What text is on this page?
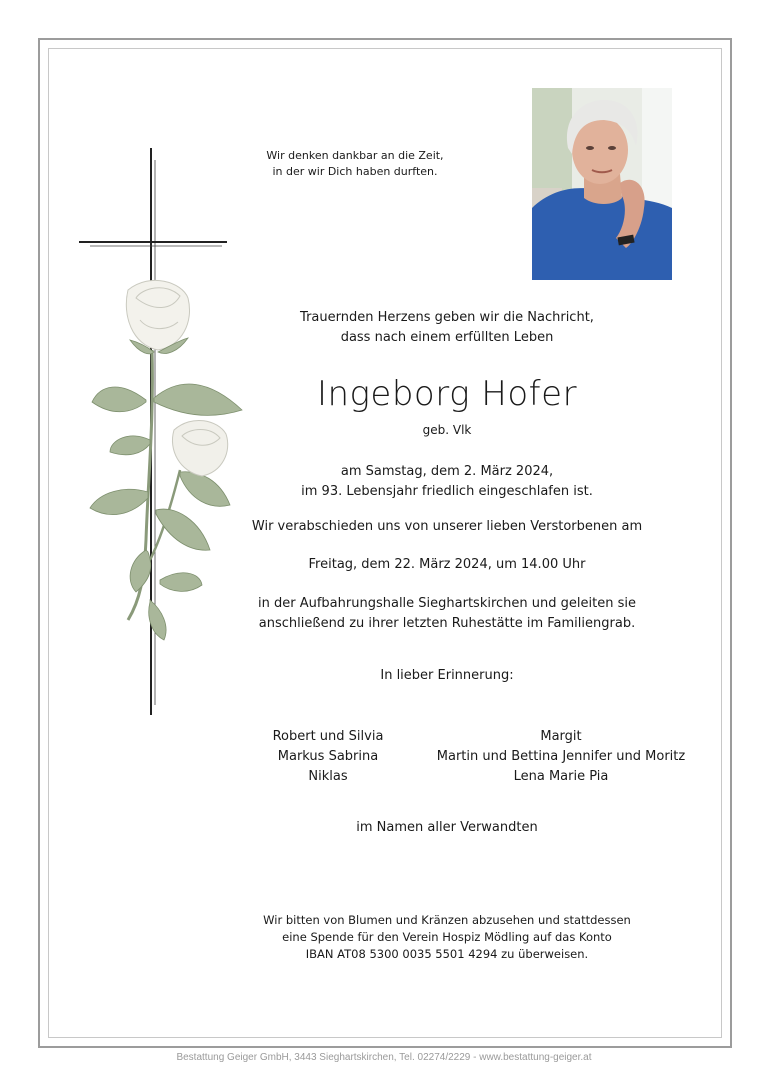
Wir denken dankbar an die Zeit,
in der wir Dich haben durften.
Trauernden Herzens geben wir die Nachricht,
dass nach einem erfüllten Leben
Ingeborg Hofer
geb. Vlk
am Samstag, dem 2. März 2024,
im 93. Lebensjahr friedlich eingeschlafen ist.
Wir verabschieden uns von unserer lieben Verstorbenen am
Freitag, dem 22. März 2024, um 14.00 Uhr
in der Aufbahrungshalle Sieghartskirchen und geleiten sie
anschließend zu ihrer letzten Ruhestätte im Familiengrab.
In lieber Erinnerung:
Robert und Silvia
Markus Sabrina
Niklas
Margit
Martin und Bettina Jennifer und Moritz
Lena Marie Pia
im Namen aller Verwandten
Wir bitten von Blumen und Kränzen abzusehen und stattdessen
eine Spende für den Verein Hospiz Mödling auf das Konto
IBAN AT08 5300 0035 5501 4294 zu überweisen.
Bestattung Geiger GmbH, 3443 Sieghartskirchen, Tel. 02274/2229 - www.bestattung-geiger.at
